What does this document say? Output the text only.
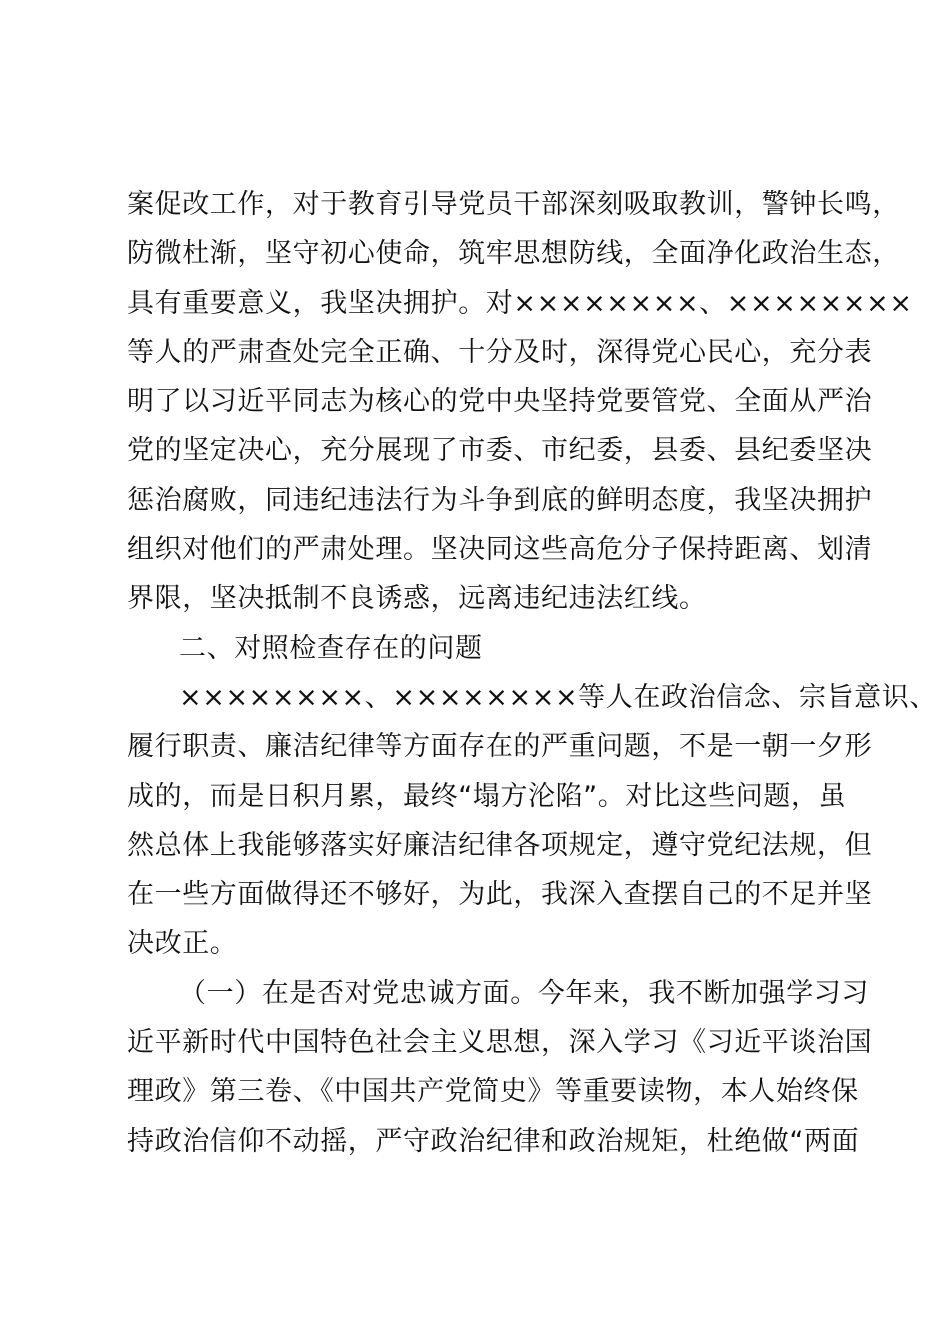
案促改工作，对于教育引导党员干部深刻吸取教训，警钟长鸣，
防微杜渐，坚守初心使命，筑牢思想防线，全面净化政治生态，
具有重要意义，我坚决拥护。对××××××××、××××××××
等人的严肃查处完全正确、十分及时，深得党心民心，充分表
明了以习近平同志为核心的党中央坚持党要管党、全面从严治
党的坚定决心，充分展现了市委、市纪委，县委、县纪委坚决
惩治腐败，同违纪违法行为斗争到底的鲜明态度，我坚决拥护
组织对他们的严肃处理。坚决同这些高危分子保持距离、划清
界限，坚决抵制不良诱惑，远离违纪违法红线。
二、对照检查存在的问题
××××××××、××××××××等人在政治信念、宗旨意识、
履行职责、廉洁纪律等方面存在的严重问题，不是一朝一夕形
成的，而是日积月累，最终“塌方沦陷”。对比这些问题，虽
然总体上我能够落实好廉洁纪律各项规定，遵守党纪法规，但
在一些方面做得还不够好，为此，我深入查摆自己的不足并坚
决改正。
（一）在是否对党忠诚方面。今年来，我不断加强学习习
近平新时代中国特色社会主义思想，深入学习《习近平谈治国
理政》第三卷、《中国共产党简史》等重要读物，本人始终保
持政治信仰不动摇，严守政治纪律和政治规矩，杜绝做“两面
